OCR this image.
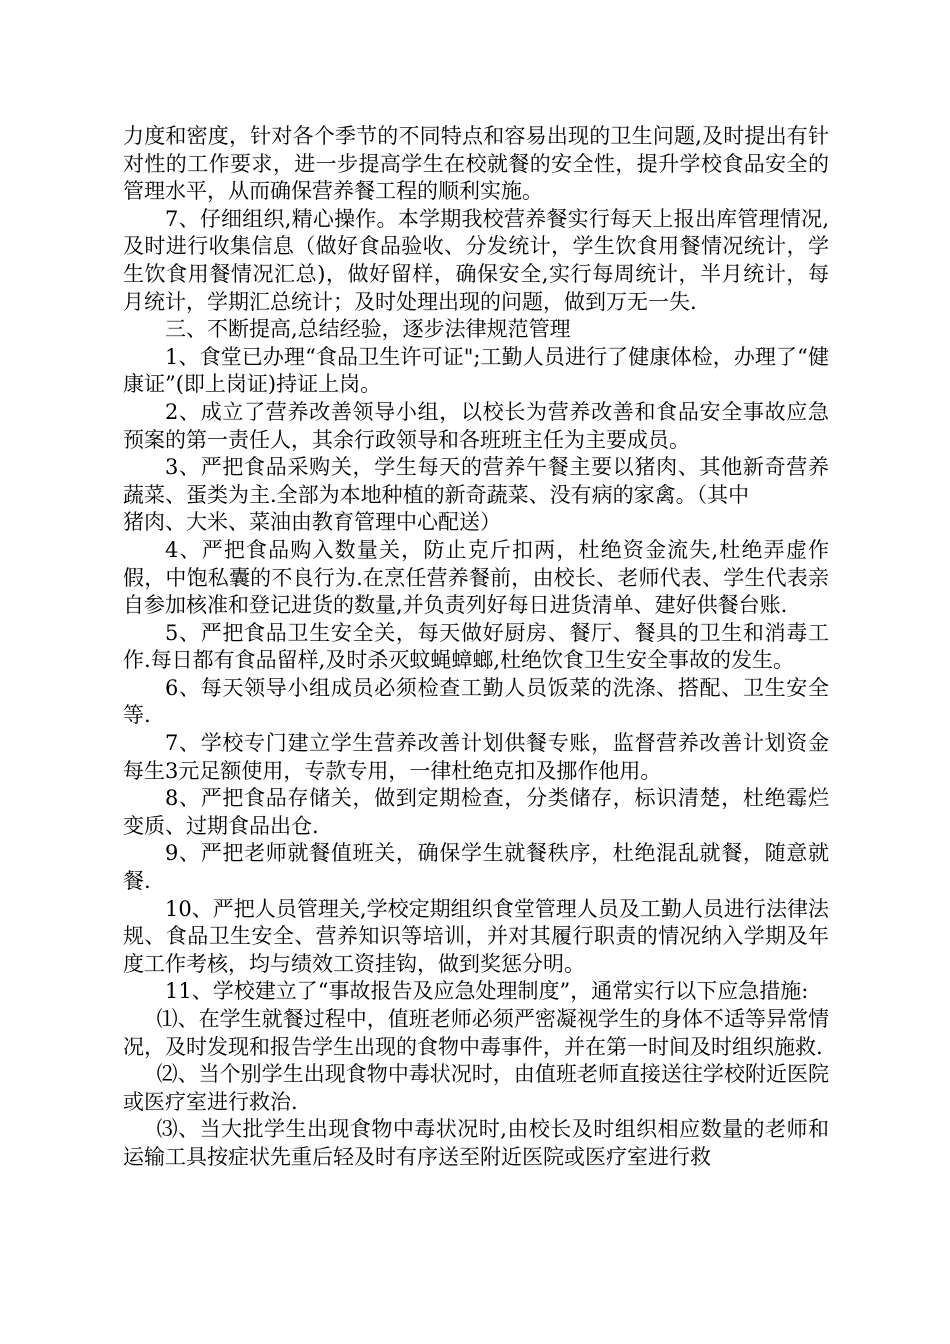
力度和密度，针对各个季节的不同特点和容易出现的卫生问题,及时提出有针对性的工作要求，进一步提高学生在校就餐的安全性，提升学校食品安全的管理水平，从而确保营养餐工程的顺利实施。

7、仔细组织,精心操作。本学期我校营养餐实行每天上报出库管理情况,及时进行收集信息（做好食品验收、分发统计，学生饮食用餐情况统计，学生饮食用餐情况汇总)，做好留样，确保安全,实行每周统计，半月统计，每月统计，学期汇总统计；及时处理出现的问题，做到万无一失.

三、不断提高,总结经验，逐步法律规范管理

1、食堂已办理“食品卫生许可证";工勤人员进行了健康体检，办理了“健康证”(即上岗证)持证上岗。

2、成立了营养改善领导小组，以校长为营养改善和食品安全事故应急预案的第一责任人，其余行政领导和各班班主任为主要成员。

3、严把食品采购关，学生每天的营养午餐主要以猪肉、其他新奇营养蔬菜、蛋类为主.全部为本地种植的新奇蔬菜、没有病的家禽。（其中

猪肉、大米、菜油由教育管理中心配送）

4、严把食品购入数量关，防止克斤扣两，杜绝资金流失,杜绝弄虚作假，中饱私囊的不良行为.在烹任营养餐前，由校长、老师代表、学生代表亲自参加核准和登记进货的数量,并负责列好每日进货清单、建好供餐台账.

5、严把食品卫生安全关，每天做好厨房、餐厅、餐具的卫生和消毒工作.每日都有食品留样,及时杀灭蚊蝇蟑螂,杜绝饮食卫生安全事故的发生。

6、每天领导小组成员必须检查工勤人员饭菜的洗涤、搭配、卫生安全等.

7、学校专门建立学生营养改善计划供餐专账，监督营养改善计划资金每生3元足额使用，专款专用，一律杜绝克扣及挪作他用。

8、严把食品存储关，做到定期检查，分类储存，标识清楚，杜绝霉烂变质、过期食品出仓.

9、严把老师就餐值班关，确保学生就餐秩序，杜绝混乱就餐，随意就餐.

10、严把人员管理关,学校定期组织食堂管理人员及工勤人员进行法律法规、食品卫生安全、营养知识等培训，并对其履行职责的情况纳入学期及年度工作考核，均与绩效工资挂钩，做到奖惩分明。

11、学校建立了“事故报告及应急处理制度”，通常实行以下应急措施:

⑴、在学生就餐过程中，值班老师必须严密凝视学生的身体不适等异常情况，及时发现和报告学生出现的食物中毒事件，并在第一时间及时组织施救.

⑵、当个别学生出现食物中毒状况时，由值班老师直接送往学校附近医院或医疗室进行救治.

⑶、当大批学生出现食物中毒状况时,由校长及时组织相应数量的老师和运输工具按症状先重后轻及时有序送至附近医院或医疗室进行救
